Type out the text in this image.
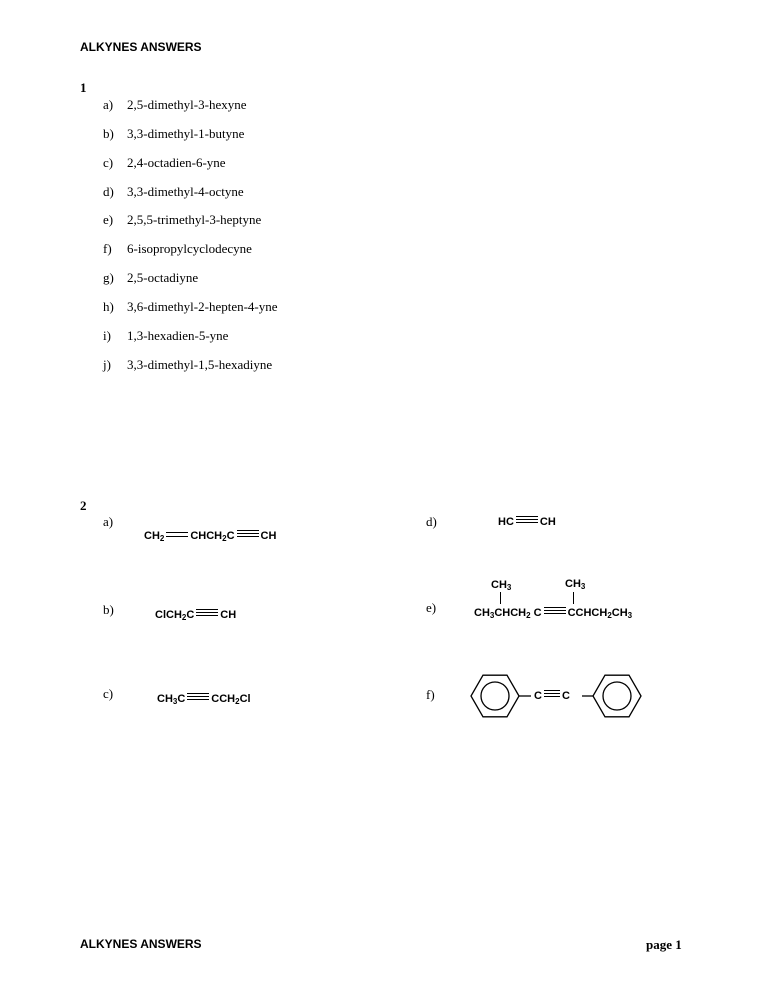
ALKYNES ANSWERS
1
a) 2,5-dimethyl-3-hexyne
b) 3,3-dimethyl-1-butyne
c) 2,4-octadien-6-yne
d) 3,3-dimethyl-4-octyne
e) 2,5,5-trimethyl-3-heptyne
f) 6-isopropylcyclodecyne
g) 2,5-octadiyne
h) 3,6-dimethyl-2-hepten-4-yne
i) 1,3-hexadien-5-yne
j) 3,3-dimethyl-1,5-hexadiyne
2
a)
$CH_2$ $CHCH_2C$ CH
b)	ClCH$_2$C CH
c)	$CH_3C$ $CCH_2Cl$
d)	HC CH
e)
$CH_3$	$CH_3$
$CH_3CHCH_2$ C $CCHCH_2CH_3$
f)	C C
ALKYNES ANSWERS	page 1
